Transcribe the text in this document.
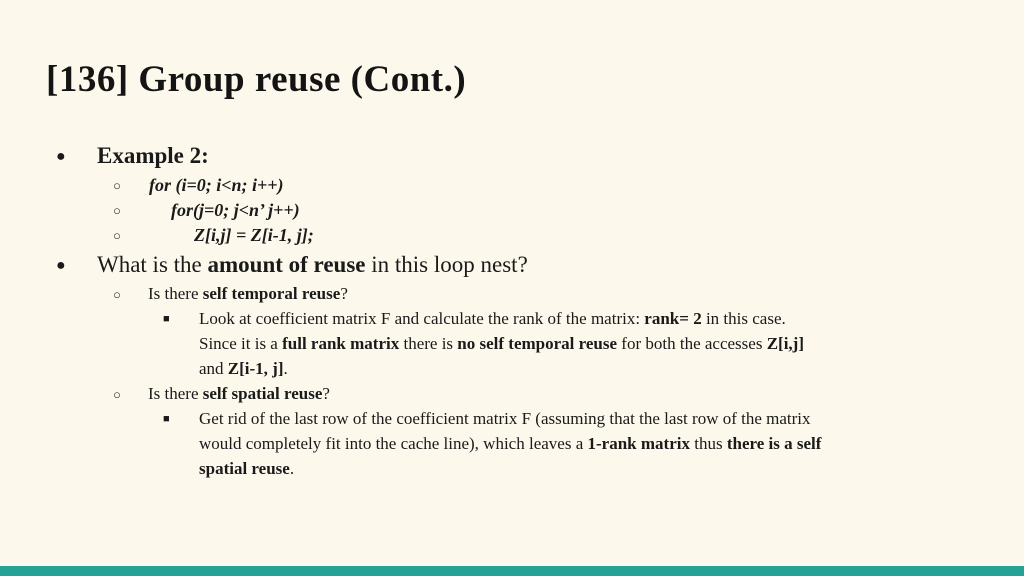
[136] Group reuse (Cont.)
● Example 2:
○ for (i=0; i<n; i++)
○	for(j=0; j<n’ j++)
○	Z[i,j] = Z[i-1, j];
● What is the amount of reuse in this loop nest?
○ Is there self temporal reuse?
■ Look at coefficient matrix F and calculate the rank of the matrix: rank= 2 in this case.
Since it is a full rank matrix there is no self temporal reuse for both the accesses Z[i,j]
and Z[i-1, j].
○ Is there self spatial reuse?
■ Get rid of the last row of the coefficient matrix F (assuming that the last row of the matrix
would completely fit into the cache line), which leaves a 1-rank matrix thus there is a self
spatial reuse.
